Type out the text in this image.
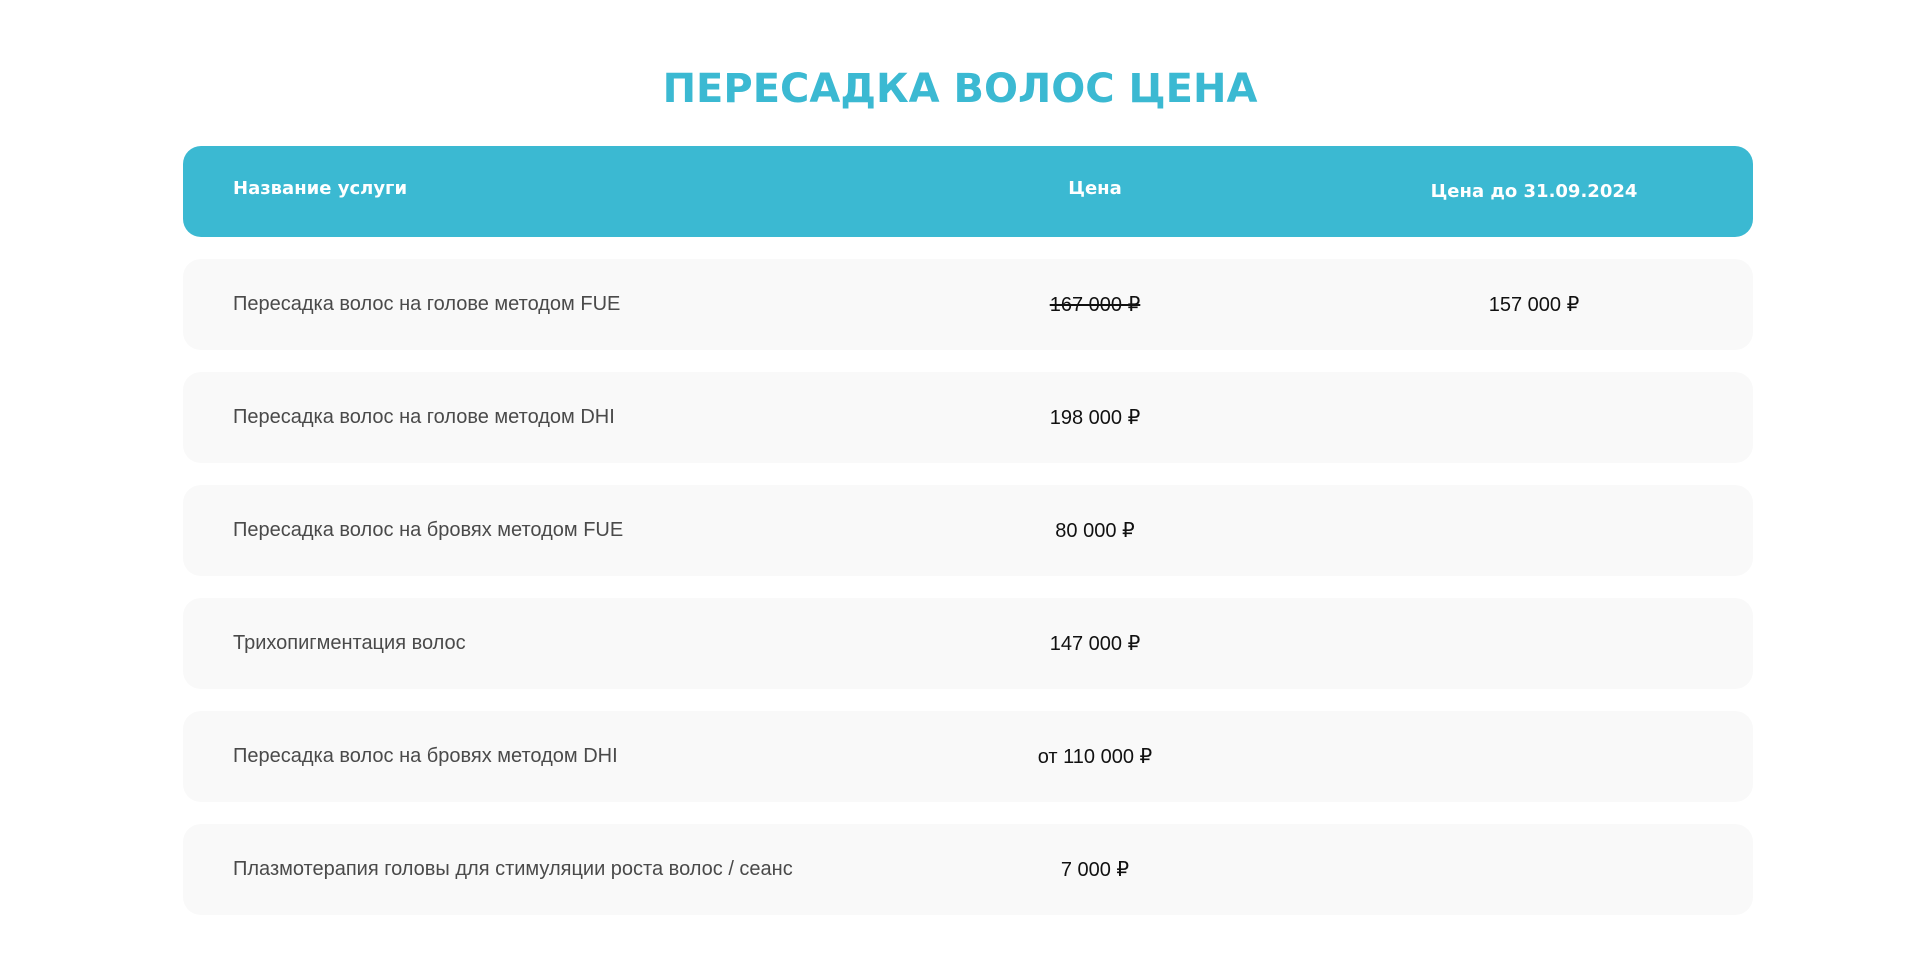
ПЕРЕСАДКА ВОЛОС ЦЕНА
Название услуги	Цена	Цена до 31.09.2024
Пересадка волос на голове методом FUE	167 000 ₽	157 000 ₽
Пересадка волос на голове методом DHI	198 000 ₽
Пересадка волос на бровях методом FUE	80 000 ₽
Трихопигментация волос	147 000 ₽
Пересадка волос на бровях методом DHI	от 110 000 ₽
Плазмотерапия головы для стимуляции роста волос / сеанс	7 000 ₽
